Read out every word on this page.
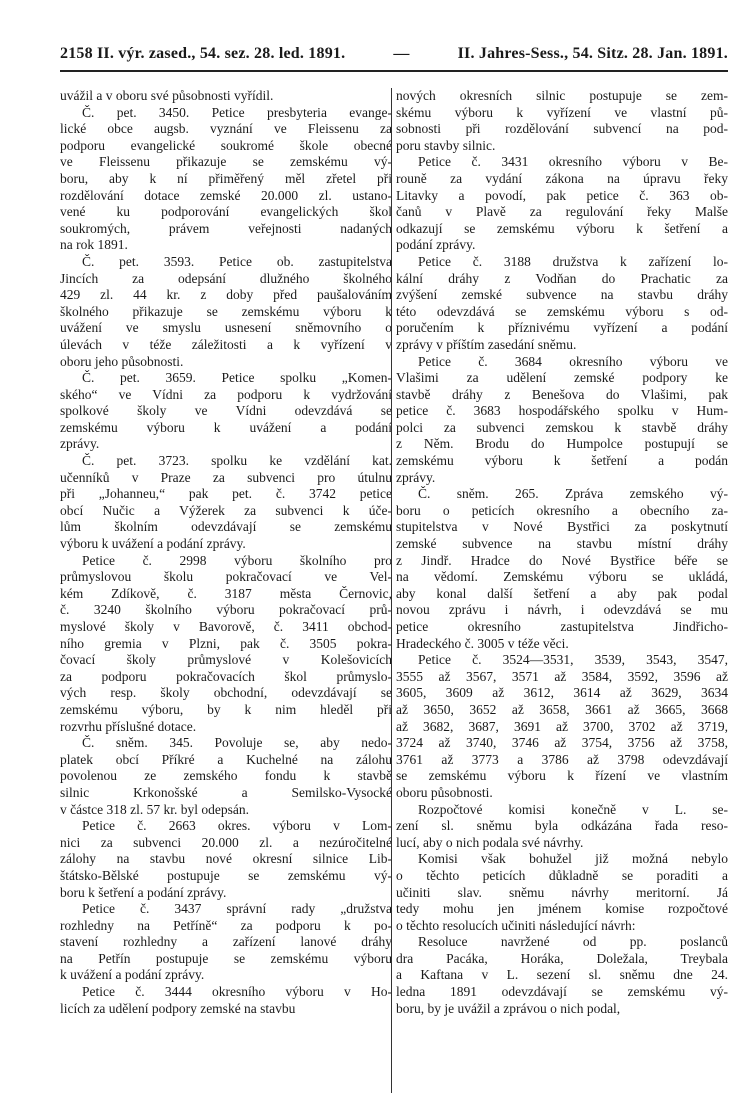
2158 II. výr. zased., 54. sez. 28. led. 1891.	—	II. Jahres-Sess., 54. Sitz. 28. Jan. 1891.
uvážil a v oboru své působnosti vyřídil.
Č. pet. 3450. Petice presbyteria evange-
lické obce augsb. vyznání ve Fleissenu za
podporu evangelické soukromé škole obecné
ve Fleissenu přikazuje se zemskému vý-
boru, aby k ní přiměřený měl zřetel při
rozdělování dotace zemské 20.000 zl. ustano-
vené ku podporování evangelických škol
soukromých, právem veřejnosti nadaných
na rok 1891.
Č. pet. 3593. Petice ob. zastupitelstva
Jincích za odepsání dlužného školného
429 zl. 44 kr. z doby před paušalováním
školného přikazuje se zemskému výboru k
uvážení ve smyslu usnesení sněmovního o
úlevách v téže záležitosti a k vyřízení v
oboru jeho působnosti.
Č. pet. 3659. Petice spolku „Komen-
ského“ ve Vídni za podporu k vydržování
spolkové školy ve Vídni odevzdává se
zemskému výboru k uvážení a podání
zprávy.
Č. pet. 3723. spolku ke vzdělání kat.
učenníků v Praze za subvenci pro útulnu
při „Johanneu,“ pak pet. č. 3742 petice
obcí Nučic a Výžerek za subvenci k úče-
lům školním odevzdávají se zemskému
výboru k uvážení a podání zprávy.
Petice č. 2998 výboru školního pro
průmyslovou školu pokračovací ve Vel-
kém Zdíkově, č. 3187 města Černovic,
č. 3240 školního výboru pokračovací prů-
myslové školy v Bavorově, č. 3411 obchod-
ního gremia v Plzni, pak č. 3505 pokra-
čovací školy průmyslové v Kolešovicích
za podporu pokračovacích škol průmyslo-
vých resp. školy obchodní, odevzdávají se
zemskému výboru, by k nim hleděl při
rozvrhu příslušné dotace.
Č. sněm. 345. Povoluje se, aby nedo-
platek obcí Příkré a Kuchelné na zálohu
povolenou ze zemského fondu k stavbě
silnic Krkonošské a Semilsko-Vysocké
v částce 318 zl. 57 kr. byl odepsán.
Petice č. 2663 okres. výboru v Lom-
nici za subvenci 20.000 zl. a nezúročitelné
zálohy na stavbu nové okresní silnice Lib-
štátsko-Bělské postupuje se zemskému vý-
boru k šetření a podání zprávy.
Petice č. 3437 správní rady „družstva
rozhledny na Petříně“ za podporu k po-
stavení rozhledny a zařízení lanové dráhy
na Petřín postupuje se zemskému výboru
k uvážení a podání zprávy.
Petice č. 3444 okresního výboru v Ho-
licích za udělení podpory zemské na stavbu
nových okresních silnic postupuje se zem-
skému výboru k vyřízení ve vlastní pů-
sobnosti při rozdělování subvencí na pod-
poru stavby silnic.
Petice č. 3431 okresního výboru v Be-
rouně za vydání zákona na úpravu řeky
Litavky a povodí, pak petice č. 363 ob-
čanů v Plavě za regulování řeky Malše
odkazují se zemskému výboru k šetření a
podání zprávy.
Petice č. 3188 družstva k zařízení lo-
kální dráhy z Vodňan do Prachatic za
zvýšení zemské subvence na stavbu dráhy
této odevzdává se zemskému výboru s od-
poručením k příznivému vyřízení a podání
zprávy v příštím zasedání sněmu.
Petice č. 3684 okresního výboru ve
Vlašimi za udělení zemské podpory ke
stavbě dráhy z Benešova do Vlašimi, pak
petice č. 3683 hospodářského spolku v Hum-
polci za subvenci zemskou k stavbě dráhy
z Něm. Brodu do Humpolce postupují se
zemskému výboru k šetření a podán
zprávy.
Č. sněm. 265. Zpráva zemského vý-
boru o peticích okresního a obecního za-
stupitelstva v Nové Bystřici za poskytnutí
zemské subvence na stavbu místní dráhy
z Jindř. Hradce do Nové Bystřice béře se
na vědomí. Zemskému výboru se ukládá,
aby konal další šetření a aby pak podal
novou zprávu i návrh, i odevzdává se mu
petice okresního zastupitelstva Jindřicho-
Hradeckého č. 3005 v téže věci.
Petice č. 3524—3531, 3539, 3543, 3547,
3555 až 3567, 3571 až 3584, 3592, 3596 až
3605, 3609 až 3612, 3614 až 3629, 3634
až 3650, 3652 až 3658, 3661 až 3665, 3668
až 3682, 3687, 3691 až 3700, 3702 až 3719,
3724 až 3740, 3746 až 3754, 3756 až 3758,
3761 až 3773 a 3786 až 3798 odevzdávají
se zemskému výboru k řízení ve vlastním
oboru působnosti.
Rozpočtové komisi konečně v L. se-
zení sl. sněmu byla odkázána řada reso-
lucí, aby o nich podala své návrhy.
Komisi však bohužel již možná nebylo
o těchto peticích důkladně se poraditi a
učiniti slav. sněmu návrhy meritorní. Já
tedy mohu jen jménem komise rozpočtové
o těchto resolucích učiniti následující návrh:
Resoluce navržené od pp. poslanců
dra Pacáka, Horáka, Doležala, Treybala
a Kaftana v L. sezení sl. sněmu dne 24.
ledna 1891 odevzdávají se zemskému vý-
boru, by je uvážil a zprávou o nich podal,
